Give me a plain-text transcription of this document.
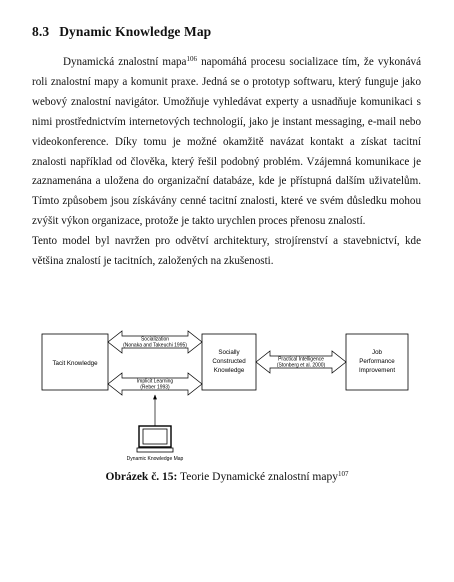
8.3 Dynamic Knowledge Map

Dynamická znalostní mapa$^{106}$ napomáhá procesu socializace tím, že vykonává roli znalostní mapy a komunit praxe. Jedná se o prototyp softwaru, který funguje jako webový znalostní navigátor. Umožňuje vyhledávat experty a usnadňuje komunikaci s nimi prostřednictvím internetových technologií, jako je instant messaging, e-mail nebo videokonference. Díky tomu je možné okamžitě navázat kontakt a získat tacitní znalosti například od člověka, který řešil podobný problém. Vzájemná komunikace je zaznamenána a uložena do organizační databáze, kde je přístupná dalším uživatelům. Tímto způsobem jsou získávány cenné tacitní znalosti, které ve svém důsledku mohou zvýšit výkon organizace, protože je takto urychlen proces přenosu znalostí.

Tento model byl navržen pro odvětví architektury, strojírenství a stavebnictví, kde většina znalostí je tacitních, založených na zkušenosti.

Tacit Knowledge
Socially
Constructed
Knowledge
Job
Performance
Improvement
Socialization
(Nonaka and Takeuchi 1995)
Implicit Learning
(Reber 1993)
Practical Intelligence
(Stonberg et al. 2000)
Dynamic Knowledge Map
Obrázek č. 15: Teorie Dynamické znalostní mapy$^{107}$
